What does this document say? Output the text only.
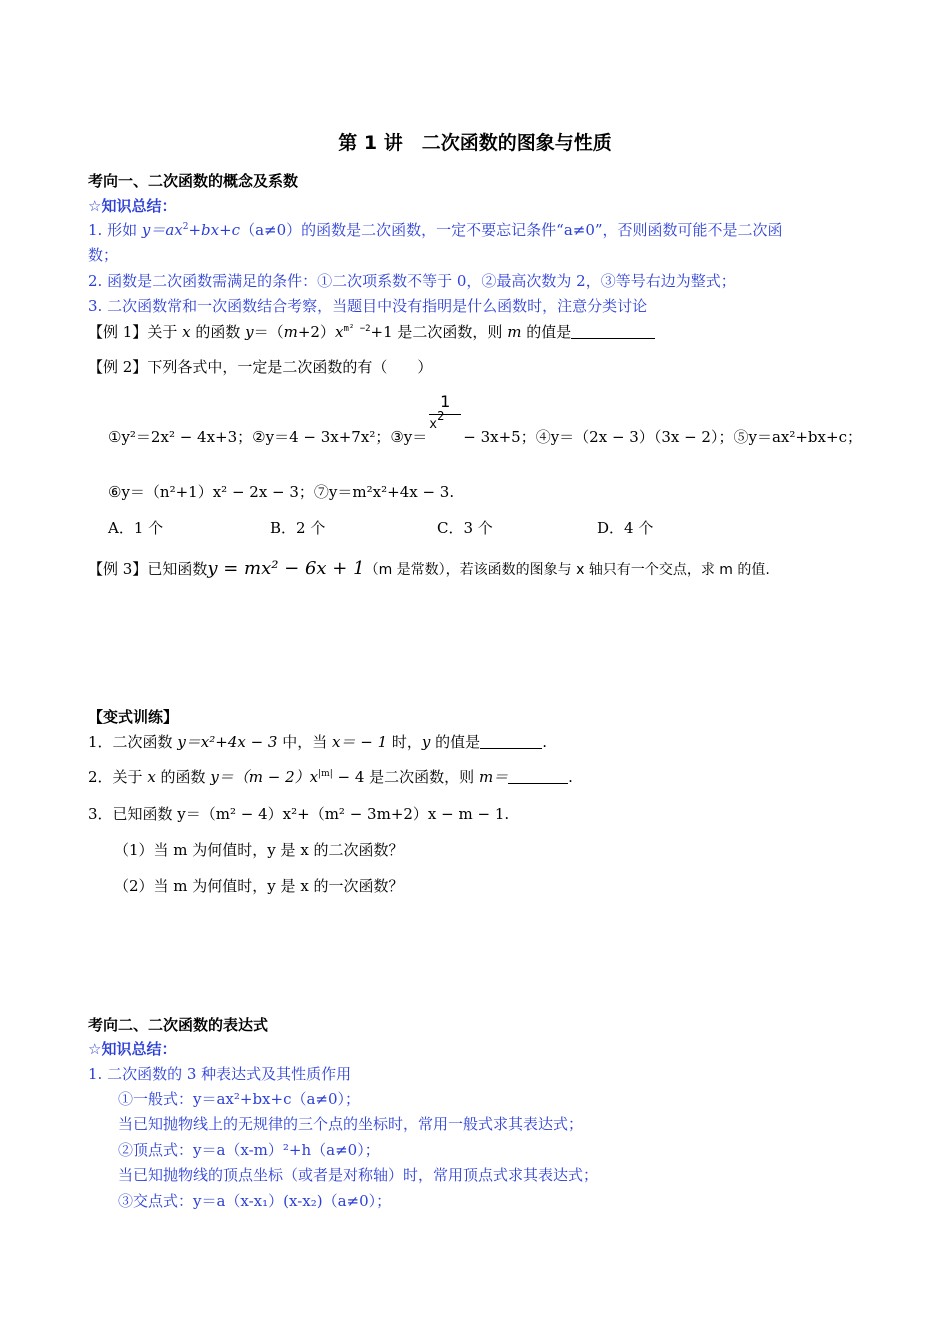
第 1 讲　二次函数的图象与性质
考向一、二次函数的概念及系数
☆知识总结：
1. 形如 $y=ax^2+bx+c(a\ne 0)$的函数是二次函数，一定不要忘记条件“a≠0”，否则函数可能不是二次函
数；
2. 函数是二次函数需满足的条件：①二次项系数不等于 0，②最高次数为 2，③等号右边为整式；
3. 二次函数常和一次函数结合考察，当题目中没有指明是什么函数时，注意分类讨论
【例 1】关于 x 的函数 $y=(m+2)x^{m^2 -2}+1$ 是二次函数，则 m 的值是
【例 2】下列各式中，一定是二次函数的有（　　）
①y²＝2x² − 4x+3；②y＝4 − 3x+7x²；③y＝ $\frac{1}{x^2} - 3x+5$；④y＝（2x − 3）（3x − 2）；⑤y＝ax²+bx+c；
⑥y＝（n²+1）x² − 2x − 3；⑦y＝m²x²+4x − 3.
A．1 个	B．2 个	C．3 个	D．4 个
【例 3】已知函数y = mx² − 6x + 1（m 是常数），若该函数的图象与 x 轴只有一个交点，求 m 的值.
【变式训练】
1．二次函数 y＝x²+4x − 3 中，当 x＝ − 1 时，y 的值是	.
2．关于 x 的函数 $y=(m - 2)x^{|m|} - 4$ 是二次函数，则 m＝	.
3．已知函数 y＝（m² − 4）x²+（m² − 3m+2）x − m − 1.
（1）当 m 为何值时，y 是 x 的二次函数？
（2）当 m 为何值时，y 是 x 的一次函数？
考向二、二次函数的表达式
☆知识总结：
1. 二次函数的 3 种表达式及其性质作用
①一般式：y＝ax²+bx+c（a≠0）；
当已知抛物线上的无规律的三个点的坐标时，常用一般式求其表达式；
②顶点式：y＝a（x-m）²+h（a≠0）；
当已知抛物线的顶点坐标（或者是对称轴）时，常用顶点式求其表达式；
③交点式：y＝a（x-x₁）(x-x₂)（a≠0）；
